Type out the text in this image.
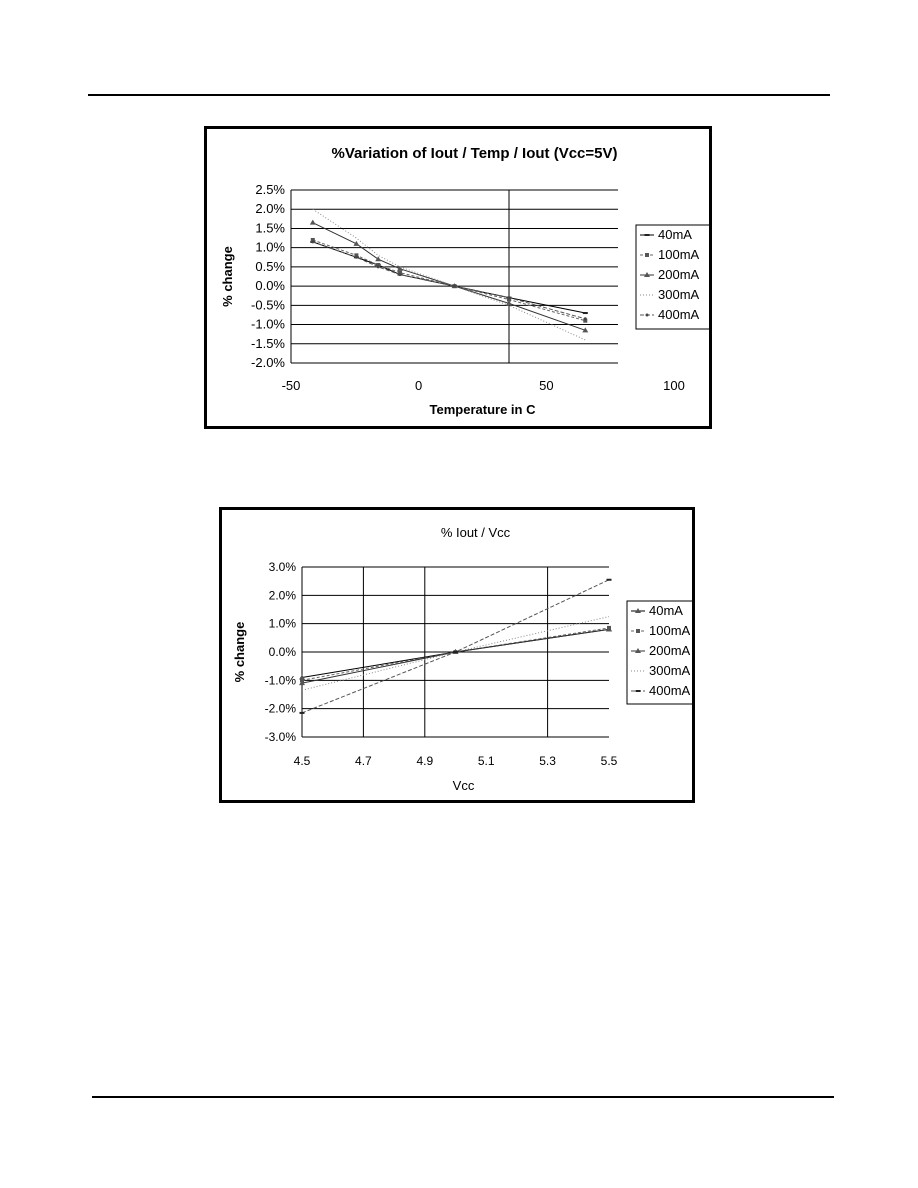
%Variation of Iout / Temp / Iout (Vcc=5V)
2.5%
2.0%
1.5%
1.0%
0.5%
0.0%
-0.5%
-1.0%
-1.5%
-2.0%
-50	0	50	100
Temperature in C
% change
40mA
100mA
200mA
300mA
400mA
% Iout / Vcc
3.0%
2.0%
1.0%
0.0%
-1.0%
-2.0%
-3.0%
4.5	4.7	4.9	5.1	5.3	5.5
Vcc
% change
40mA
100mA
200mA
300mA
400mA
